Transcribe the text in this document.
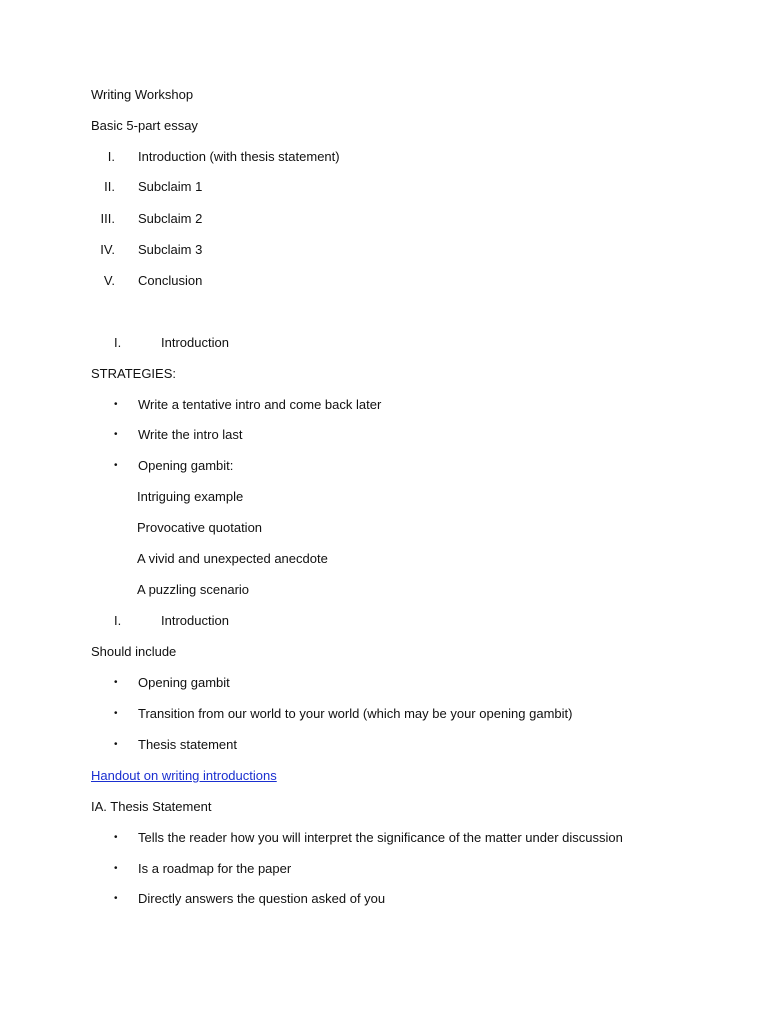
Writing Workshop
Basic 5-part essay
I. Introduction (with thesis statement)
II. Subclaim 1
III. Subclaim 2
IV. Subclaim 3
V. Conclusion
I.	Introduction
STRATEGIES:
• Write a tentative intro and come back later
• Write the intro last
• Opening gambit:
Intriguing example
Provocative quotation
A vivid and unexpected anecdote
A puzzling scenario
I.	Introduction
Should include
• Opening gambit
• Transition from our world to your world (which may be your opening gambit)
• Thesis statement
Handout on writing introductions
IA. Thesis Statement
• Tells the reader how you will interpret the significance of the matter under discussion
• Is a roadmap for the paper
• Directly answers the question asked of you
